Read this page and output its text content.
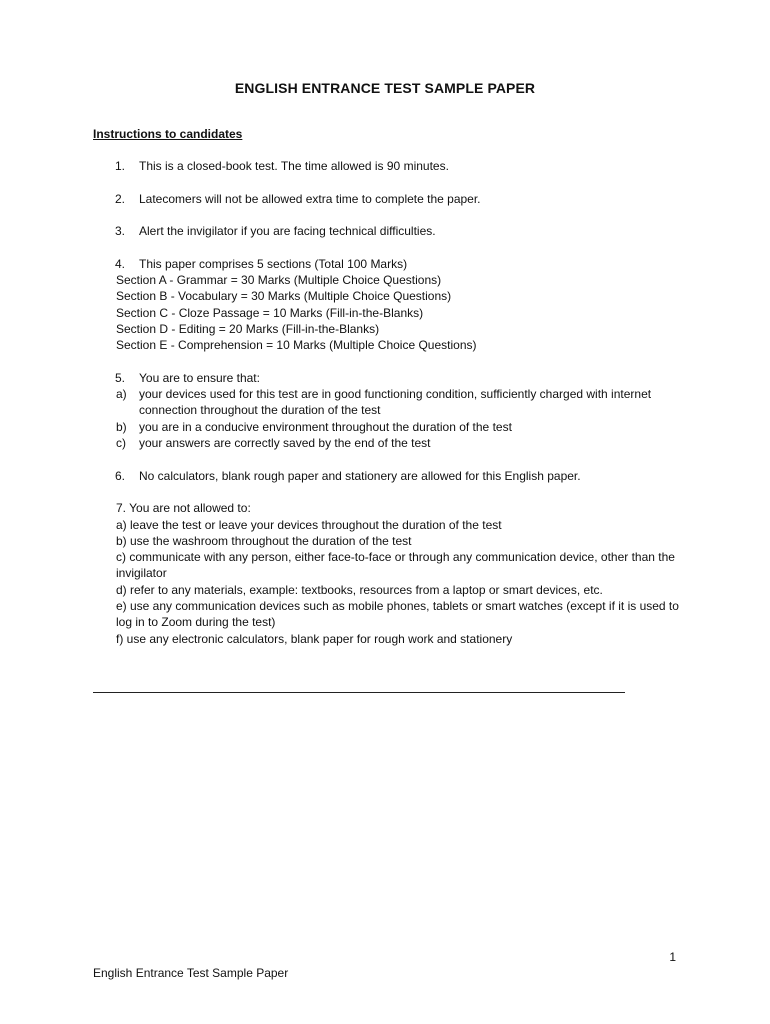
ENGLISH ENTRANCE TEST SAMPLE PAPER
Instructions to candidates
1. This is a closed-book test. The time allowed is 90 minutes.
2. Latecomers will not be allowed extra time to complete the paper.
3. Alert the invigilator if you are facing technical difficulties.
4. This paper comprises 5 sections (Total 100 Marks)
Section A - Grammar = 30 Marks (Multiple Choice Questions)
Section B - Vocabulary = 30 Marks (Multiple Choice Questions)
Section C - Cloze Passage = 10 Marks (Fill-in-the-Blanks)
Section D - Editing = 20 Marks (Fill-in-the-Blanks)
Section E - Comprehension = 10 Marks (Multiple Choice Questions)
5. You are to ensure that:
a) your devices used for this test are in good functioning condition, sufficiently charged with internet connection throughout the duration of the test
b) you are in a conducive environment throughout the duration of the test
c) your answers are correctly saved by the end of the test
6. No calculators, blank rough paper and stationery are allowed for this English paper.
7. You are not allowed to:
a) leave the test or leave your devices throughout the duration of the test
b) use the washroom throughout the duration of the test
c) communicate with any person, either face-to-face or through any communication device, other than the invigilator
d) refer to any materials, example: textbooks, resources from a laptop or smart devices, etc.
e) use any communication devices such as mobile phones, tablets or smart watches (except if it is used to log in to Zoom during the test)
f) use any electronic calculators, blank paper for rough work and stationery
1
English Entrance Test Sample Paper
